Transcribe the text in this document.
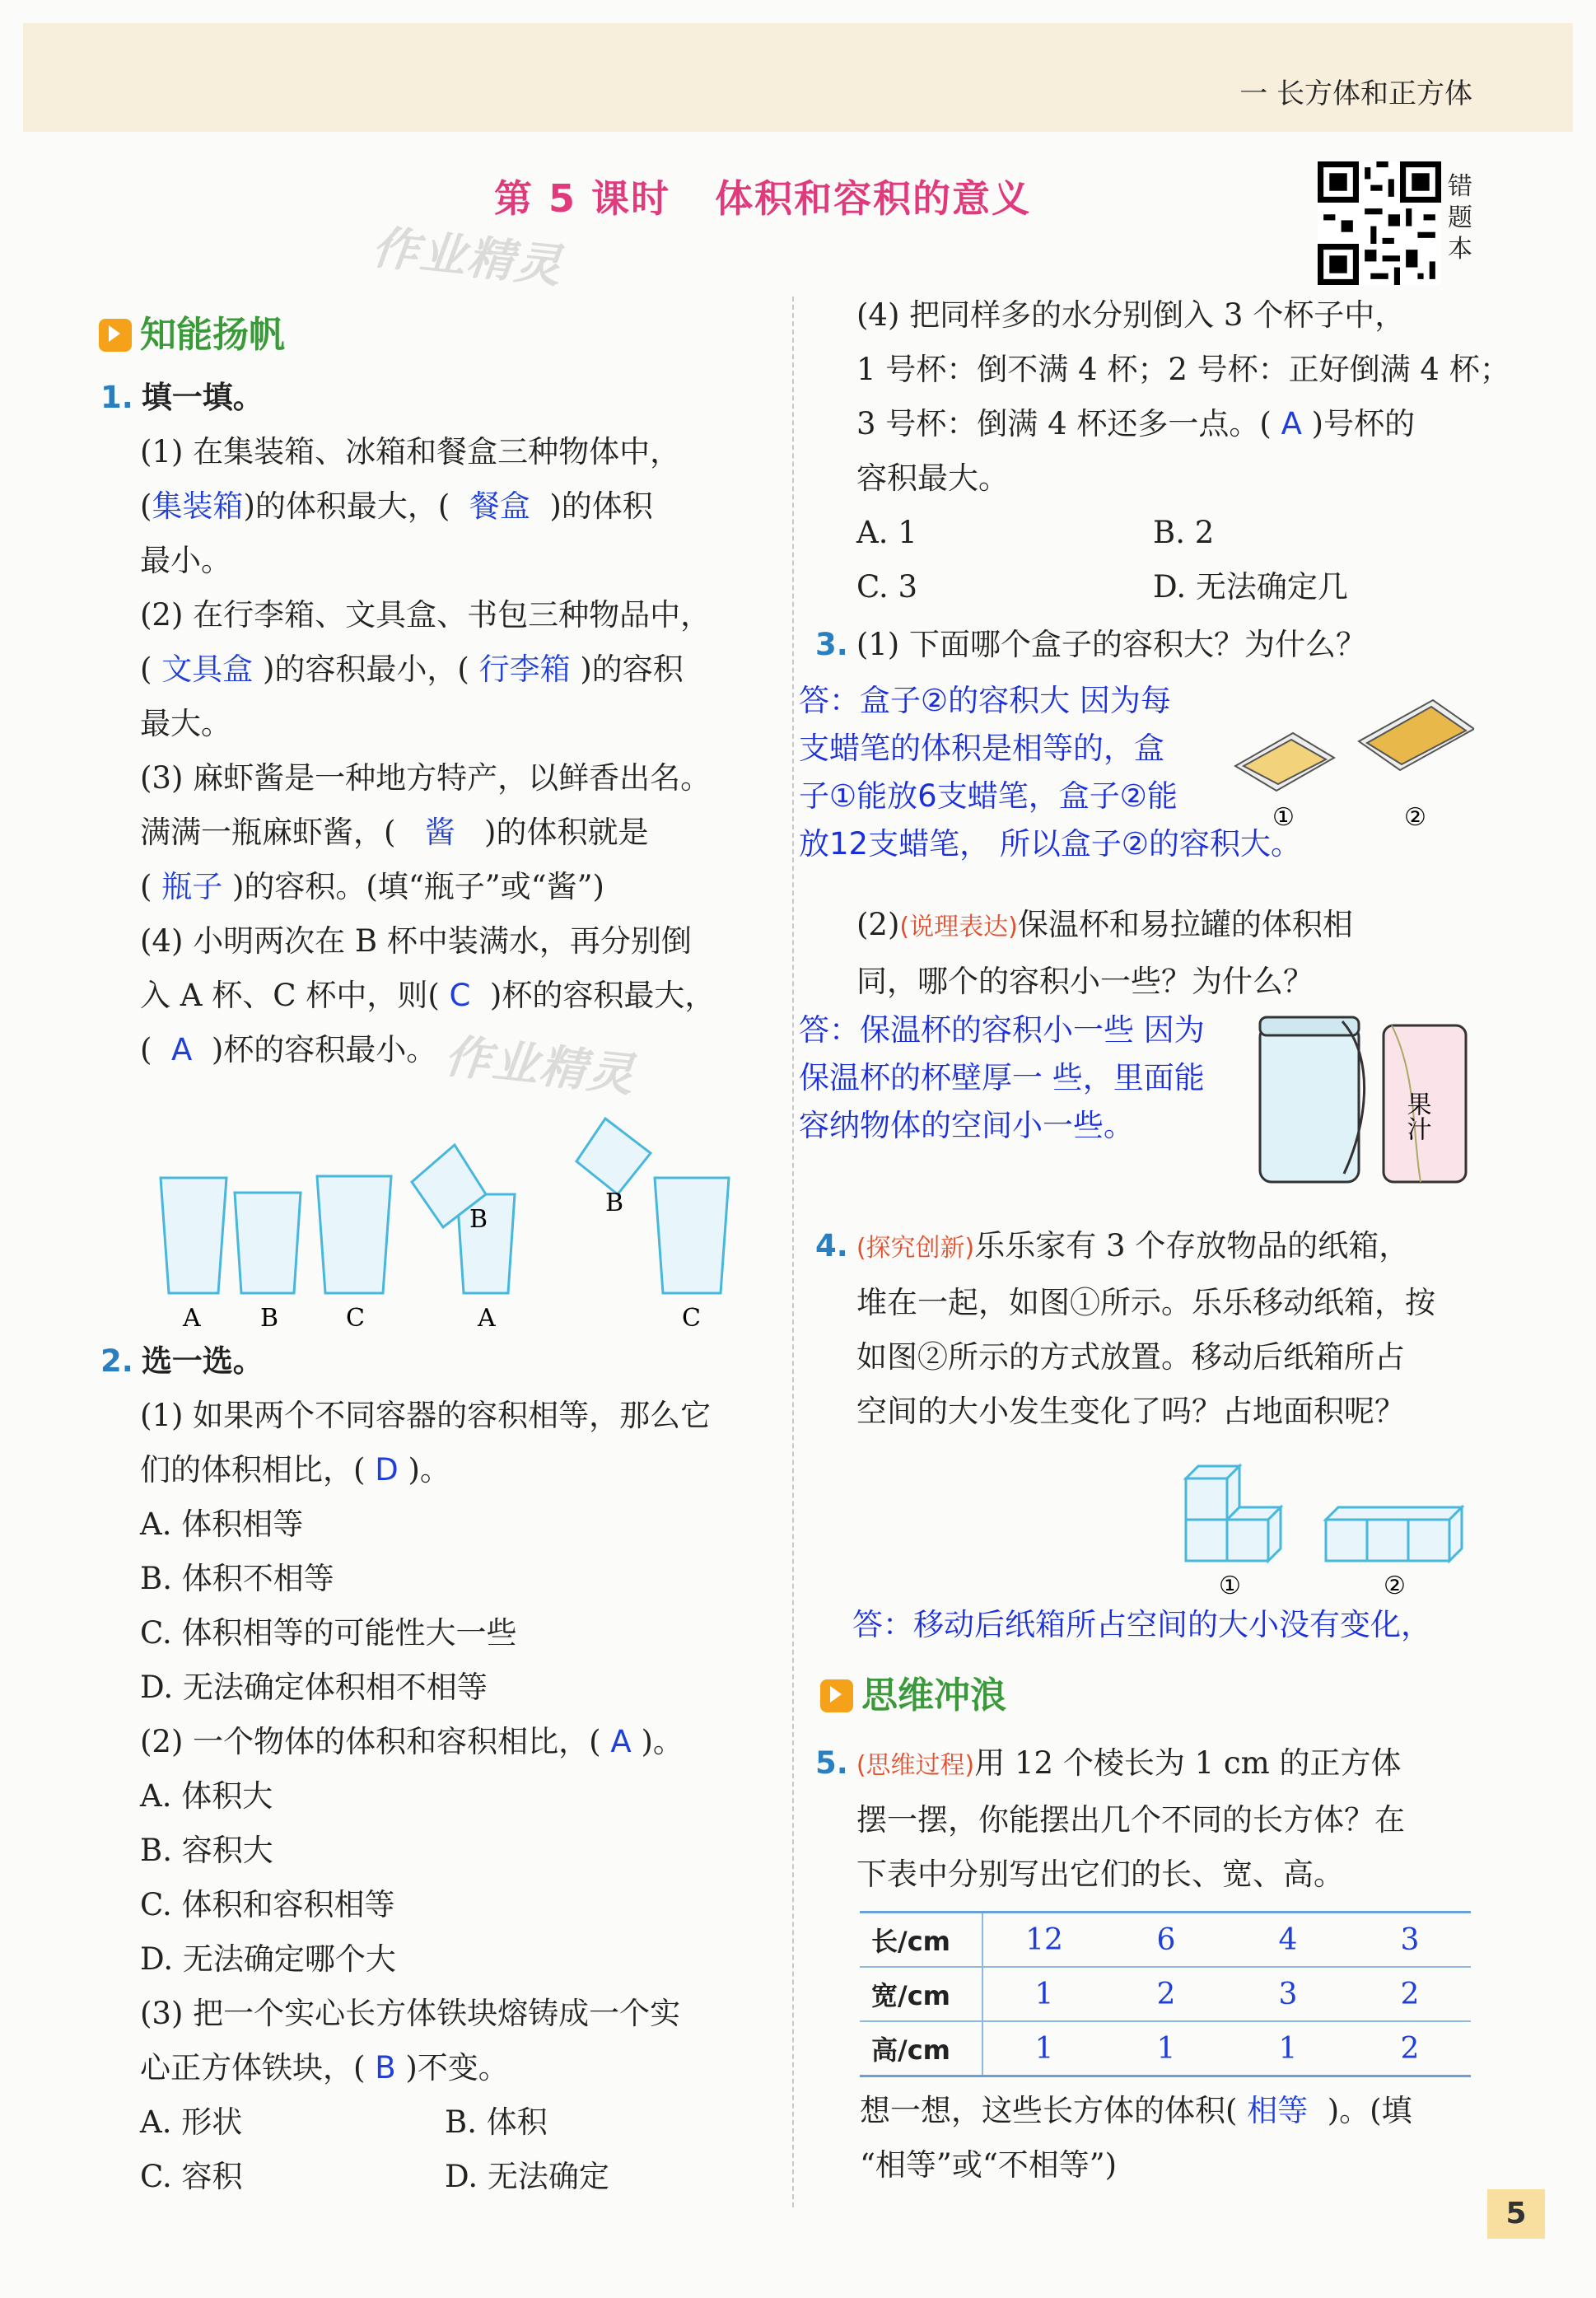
一 长方体和正方体
第 5 课时 体积和容积的意义	错
题
本
作业精灵
作业精灵
知能扬帆
1. 填一填。
(1) 在集装箱、冰箱和餐盒三种物体中，
(集装箱)的体积最大，( 餐盒 )的体积
最小。
(2) 在行李箱、文具盒、书包三种物品中，
( 文具盒 )的容积最小，( 行李箱 )的容积
最大。
(3) 麻虾酱是一种地方特产，以鲜香出名。
满满一瓶麻虾酱，( 酱 )的体积就是
( 瓶子 )的容积。(填“瓶子”或“酱”)
(4) 小明两次在 B 杯中装满水，再分别倒
入 A 杯、C 杯中，则( C )杯的容积最大，
( A )杯的容积最小。
A B	C
B
A
B
C
2. 选一选。
(1) 如果两个不同容器的容积相等，那么它
们的体积相比，( D )。
A. 体积相等
B. 体积不相等
C. 体积相等的可能性大一些
D. 无法确定体积相不相等
(2) 一个物体的体积和容积相比，( A )。
A. 体积大
B. 容积大
C. 体积和容积相等
D. 无法确定哪个大
(3) 把一个实心长方体铁块熔铸成一个实
心正方体铁块，( B )不变。
A. 形状	B. 体积
C. 容积	D. 无法确定
(4) 把同样多的水分别倒入 3 个杯子中，
1 号杯：倒不满 4 杯；2 号杯：正好倒满 4 杯；
3 号杯：倒满 4 杯还多一点。( A )号杯的
容积最大。
A. 1	B. 2
C. 3	D. 无法确定几
3. (1) 下面哪个盒子的容积大？为什么？
答：盒子②的容积大 因为每
支蜡笔的体积是相等的，盒
子①能放6支蜡笔，盒子②能
放12支蜡笔， 所以盒子②的容积大。
①	②
(2)(说理表达)保温杯和易拉罐的体积相
同，哪个的容积小一些？为什么？
答：保温杯的容积小一些 因为
保温杯的杯壁厚一 些，里面能
容纳物体的空间小一些。	果汁
4. (探究创新)乐乐家有 3 个存放物品的纸箱，
堆在一起，如图①所示。乐乐移动纸箱，按
如图②所示的方式放置。移动后纸箱所占
空间的大小发生变化了吗？占地面积呢？
①	②
答：移动后纸箱所占空间的大小没有变化，
思维冲浪
5. (思维过程)用 12 个棱长为 1 cm 的正方体
摆一摆，你能摆出几个不同的长方体？在
下表中分别写出它们的长、宽、高。
长/cm	12	6	4	3
宽/cm	1	2	3	2
高/cm	1	1	1	2
想一想，这些长方体的体积( 相等 )。(填
“相等”或“不相等”)
5
